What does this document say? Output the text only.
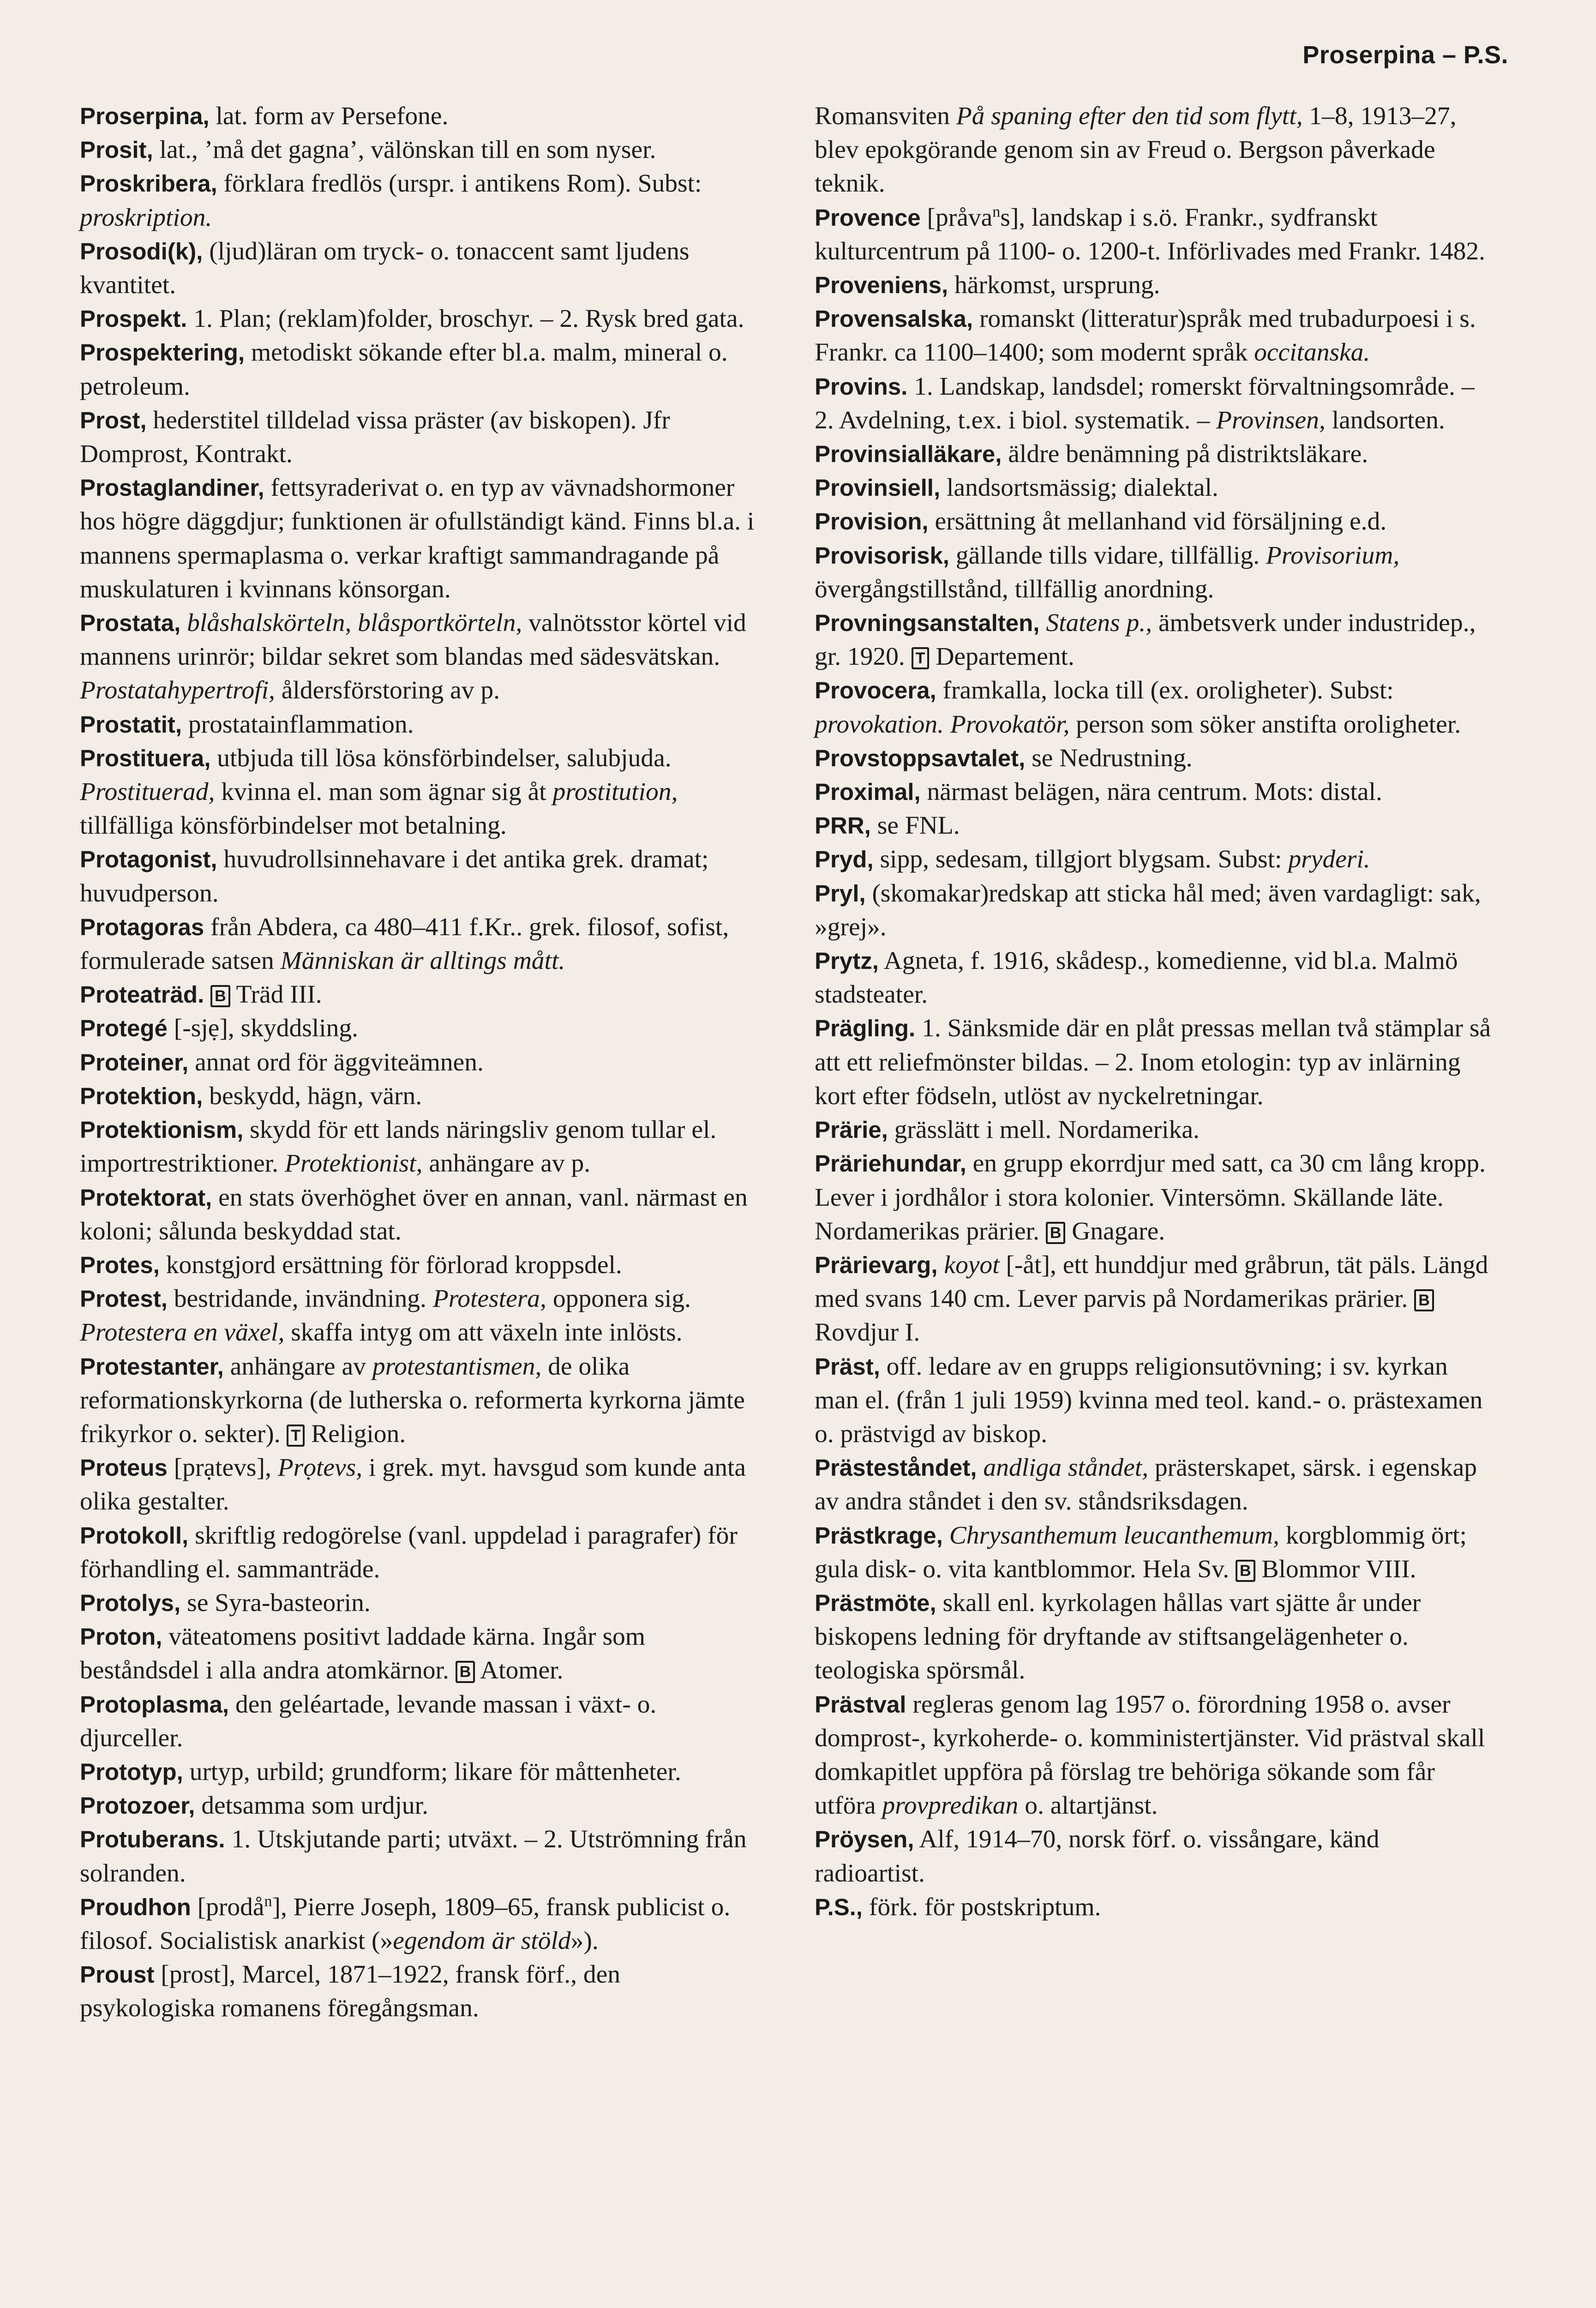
Proserpina – P.S.

Proserpina, lat. form av Persefone.

Prosit, lat., ’må det gagna’, välönskan till en som nyser.

Proskribera, förklara fredlös (urspr. i antikens Rom). Subst: proskription.

Prosodi(k), (ljud)läran om tryck- o. tonaccent samt ljudens kvantitet.

Prospekt. 1. Plan; (reklam)folder, broschyr. – 2. Rysk bred gata.

Prospektering, metodiskt sökande efter bl.a. malm, mineral o. petroleum.

Prost, hederstitel tilldelad vissa präster (av biskopen). Jfr Domprost, Kontrakt.

Prostaglandiner, fettsyraderivat o. en typ av vävnadshormoner hos högre däggdjur; funktionen är ofullständigt känd. Finns bl.a. i mannens spermaplasma o. verkar kraftigt sammandragande på muskulaturen i kvinnans könsorgan.

Prostata, blåshalskörteln, blåsportkörteln, valnötsstor körtel vid mannens urinrör; bildar sekret som blandas med sädesvätskan. Prostatahypertrofi, åldersförstoring av p.

Prostatit, prostatainflammation.

Prostituera, utbjuda till lösa könsförbindelser, salubjuda. Prostituerad, kvinna el. man som ägnar sig åt prostitution, tillfälliga könsförbindelser mot betalning.

Protagonist, huvudrollsinnehavare i det antika grek. dramat; huvudperson.

Protagoras från Abdera, ca 480–411 f.Kr.. grek. filosof, sofist, formulerade satsen Människan är alltings mått.

Proteaträd. B Träd III.

Protegé [-sjẹ], skyddsling.

Proteiner, annat ord för äggviteämnen.

Protektion, beskydd, hägn, värn.

Protektionism, skydd för ett lands näringsliv genom tullar el. importrestriktioner. Protektionist, anhängare av p.

Protektorat, en stats överhöghet över en annan, vanl. närmast en koloni; sålunda beskyddad stat.

Protes, konstgjord ersättning för förlorad kroppsdel.

Protest, bestridande, invändning. Protestera, opponera sig. Protestera en växel, skaffa intyg om att växeln inte inlösts.

Protestanter, anhängare av protestantismen, de olika reformationskyrkorna (de lutherska o. reformerta kyrkorna jämte frikyrkor o. sekter). T Religion.

Proteus [prạtevs], Prọtevs, i grek. myt. havsgud som kunde anta olika gestalter.

Protokoll, skriftlig redogörelse (vanl. uppdelad i paragrafer) för förhandling el. sammanträde.

Protolys, se Syra-basteorin.

Proton, väteatomens positivt laddade kärna. Ingår som beståndsdel i alla andra atomkärnor. B Atomer.

Protoplasma, den geléartade, levande massan i växt- o. djurceller.

Prototyp, urtyp, urbild; grundform; likare för måttenheter.

Protozoer, detsamma som urdjur.

Protuberans. 1. Utskjutande parti; utväxt. – 2. Utströmning från solranden.

Proudhon [prodå$^n$], Pierre Joseph, 1809–65, fransk publicist o. filosof. Socialistisk anarkist (»egendom är stöld»).

Proust [prost], Marcel, 1871–1922, fransk förf., den psykologiska romanens föregångsman.

Romansviten På spaning efter den tid som flytt, 1–8, 1913–27, blev epokgörande genom sin av Freud o. Bergson påverkade teknik.

Provence [pråva$^n$s], landskap i s.ö. Frankr., sydfranskt kulturcentrum på 1100- o. 1200-t. Införlivades med Frankr. 1482.

Proveniens, härkomst, ursprung.

Provensalska, romanskt (litteratur)språk med trubadurpoesi i s. Frankr. ca 1100–1400; som modernt språk occitanska.

Provins. 1. Landskap, landsdel; romerskt förvaltningsområde. – 2. Avdelning, t.ex. i biol. systematik. – Provinsen, landsorten.

Provinsialläkare, äldre benämning på distriktsläkare.

Provinsiell, landsortsmässig; dialektal.

Provision, ersättning åt mellanhand vid försäljning e.d.

Provisorisk, gällande tills vidare, tillfällig. Provisorium, övergångstillstånd, tillfällig anordning.

Provningsanstalten, Statens p., ämbetsverk under industridep., gr. 1920. T Departement.

Provocera, framkalla, locka till (ex. oroligheter). Subst: provokation. Provokatör, person som söker anstifta oroligheter.

Provstoppsavtalet, se Nedrustning.

Proximal, närmast belägen, nära centrum. Mots: distal.

PRR, se FNL.

Pryd, sipp, sedesam, tillgjort blygsam. Subst: pryderi.

Pryl, (skomakar)redskap att sticka hål med; även vardagligt: sak, »grej».

Prytz, Agneta, f. 1916, skådesp., komedienne, vid bl.a. Malmö stadsteater.

Prägling. 1. Sänksmide där en plåt pressas mellan två stämplar så att ett reliefmönster bildas. – 2. Inom etologin: typ av inlärning kort efter födseln, utlöst av nyckelretningar.

Prärie, grässlätt i mell. Nordamerika.

Präriehundar, en grupp ekorrdjur med satt, ca 30 cm lång kropp. Lever i jordhålor i stora kolonier. Vintersömn. Skällande läte. Nordamerikas prärier. B Gnagare.

Prärievarg, koyot [-åt], ett hunddjur med gråbrun, tät päls. Längd med svans 140 cm. Lever parvis på Nordamerikas prärier. B Rovdjur I.

Präst, off. ledare av en grupps religionsutövning; i sv. kyrkan man el. (från 1 juli 1959) kvinna med teol. kand.- o. prästexamen o. prästvigd av biskop.

Prästeståndet, andliga ståndet, prästerskapet, särsk. i egenskap av andra ståndet i den sv. ståndsriksdagen.

Prästkrage, Chrysanthemum leucanthemum, korgblommig ört; gula disk- o. vita kantblommor. Hela Sv. B Blommor VIII.

Prästmöte, skall enl. kyrkolagen hållas vart sjätte år under biskopens ledning för dryftande av stiftsangelägenheter o. teologiska spörsmål.

Prästval regleras genom lag 1957 o. förordning 1958 o. avser domprost-, kyrkoherde- o. komministertjänster. Vid prästval skall domkapitlet uppföra på förslag tre behöriga sökande som får utföra provpredikan o. altartjänst.

Pröysen, Alf, 1914–70, norsk förf. o. vissångare, känd radioartist.

P.S., förk. för postskriptum.
